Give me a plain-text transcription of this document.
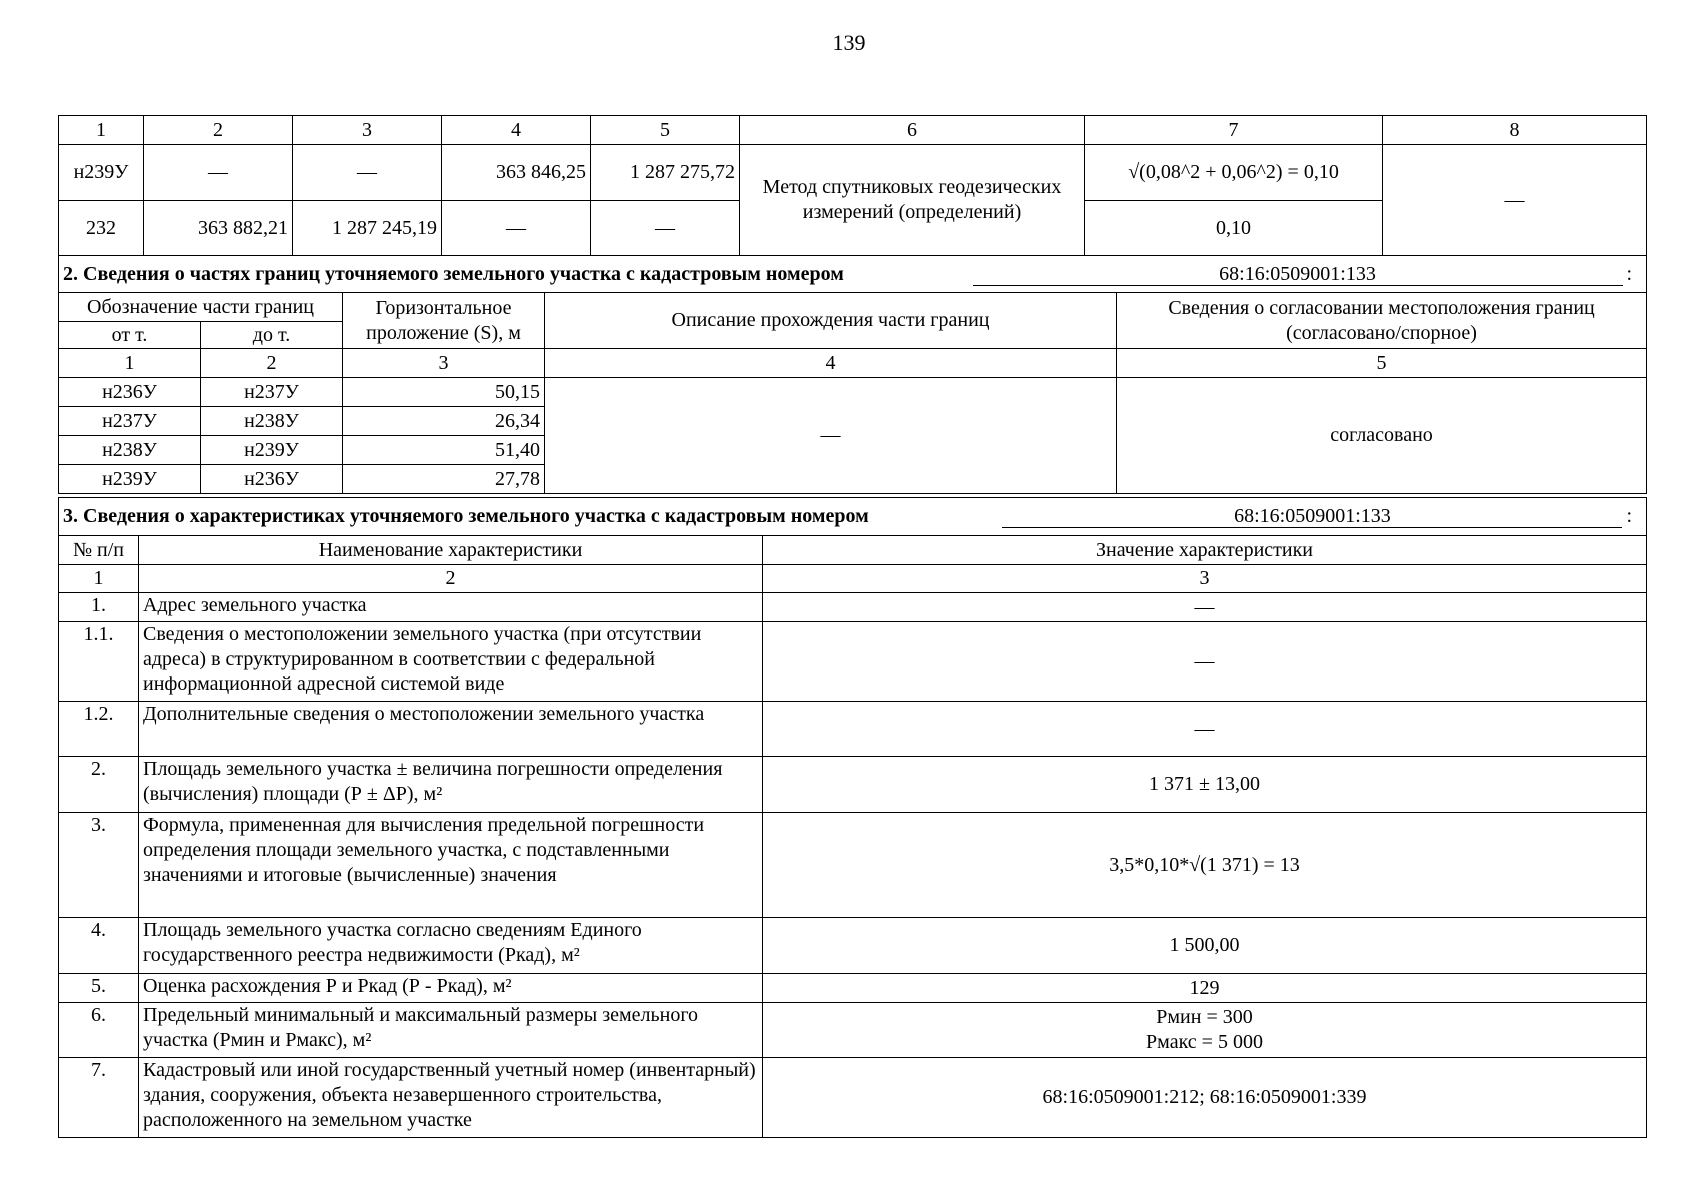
139
1	2	3	4	5	6	7	8
н239У	—	—	363 846,25	1 287 275,72	Метод спутниковых геодезических измерений (определений)	√(0,08^2 + 0,06^2) = 0,10	—
232	363 882,21	1 287 245,19	—	—		0,10	
2. Сведения о частях границ уточняемого земельного участка с кадастровым номером 68:16:0509001:133 :				

Обозначение части границ		Горизонтальное проложение (S), м	Описание прохождения части границ	Сведения о согласовании местоположения границ (согласовано/спорное)
от т.	до т.			
1	2	3	4	5
н236У	н237У	50,15	—	согласовано
н237У	н238У	26,34		
н238У	н239У	51,40		
н239У	н236У	27,78		
3. Сведения о характеристиках уточняемого земельного участка с кадастровым номером	68:16:0509001:133	:
№ п/п	Наименование характеристики	Значение характеристики
1	2	3
1.	Адрес земельного участка	—
1.1.	Сведения о местоположении земельного участка (при отсутствии адреса) в структурированном в соответствии с федеральной информационной адресной системой виде	—
1.2.	Дополнительные сведения о местоположении земельного участка	—
2.	Площадь земельного участка ± величина погрешности определения (вычисления) площади (Р ± ΔР), м²	1 371 ± 13,00
3.	Формула, примененная для вычисления предельной погрешности определения площади земельного участка, с подставленными значениями и итоговые (вычисленные) значения	3,5*0,10*√(1 371) = 13
4.	Площадь земельного участка согласно сведениям Единого государственного реестра недвижимости (Ркад), м²	1 500,00
5.	Оценка расхождения Р и Ркад (Р - Ркад), м²	129
6.	Предельный минимальный и максимальный размеры земельного участка (Рмин и Рмакс), м²	Рмин = 300
Рмакс = 5 000

7.	Кадастровый или иной государственный учетный номер (инвентарный) здания, сооружения, объекта незавершенного строительства, расположенного на земельном участке	68:16:0509001:212; 68:16:0509001:339
